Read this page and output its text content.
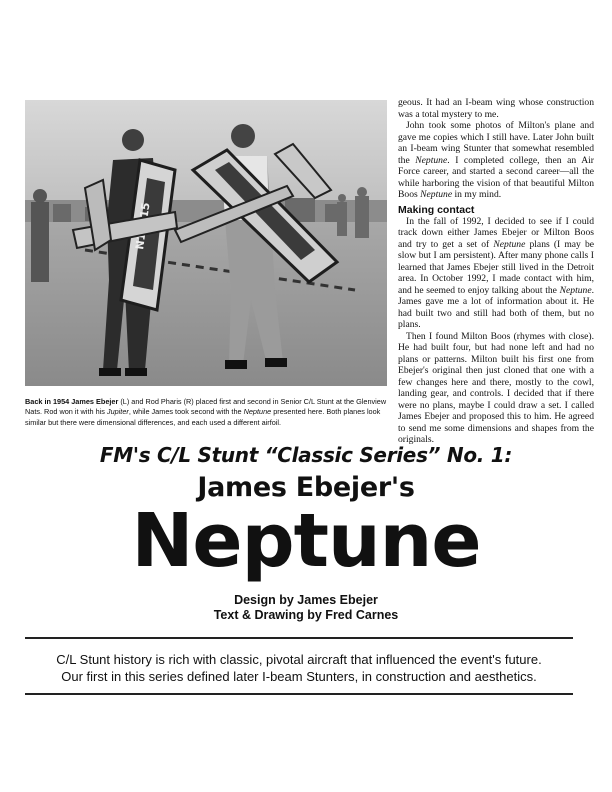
Back in 1954 James Ebejer (L) and Rod Pharis (R) placed first and second in Senior C/L Stunt at the Glenview Nats. Rod won it with his Jupiter, while James took second with the Neptune presented here. Both planes look similar but there were dimensional differences, and each used a different airfoil.

geous. It had an I-beam wing whose construction was a total mystery to me.

John took some photos of Milton's plane and gave me copies which I still have. Later John built an I-beam wing Stunter that somewhat resembled the Neptune. I completed college, then an Air Force career, and started a second career—all the while harboring the vision of that beautiful Milton Boos Neptune in my mind.

Making contact

In the fall of 1992, I decided to see if I could track down either James Ebejer or Milton Boos and try to get a set of Neptune plans (I may be slow but I am persistent). After many phone calls I learned that James Ebejer still lived in the Detroit area. In October 1992, I made contact with him, and he seemed to enjoy talking about the Neptune. James gave me a lot of information about it. He had built two and still had both of them, but no plans.

Then I found Milton Boos (rhymes with close). He had built four, but had none left and had no plans or patterns. Milton built his first one from Ebejer's original then just cloned that one with a few changes here and there, mostly to the cowl, landing gear, and controls. I decided that if there were no plans, maybe I could draw a set. I called James Ebejer and proposed this to him. He agreed to send me some dimensions and shapes from the originals.

FM's C/L Stunt “Classic Series” No. 1:
James Ebejer's
Neptune
Design by James Ebejer
Text & Drawing by Fred Carnes
C/L Stunt history is rich with classic, pivotal aircraft that influenced the event's future.
Our first in this series defined later I-beam Stunters, in construction and aesthetics.
